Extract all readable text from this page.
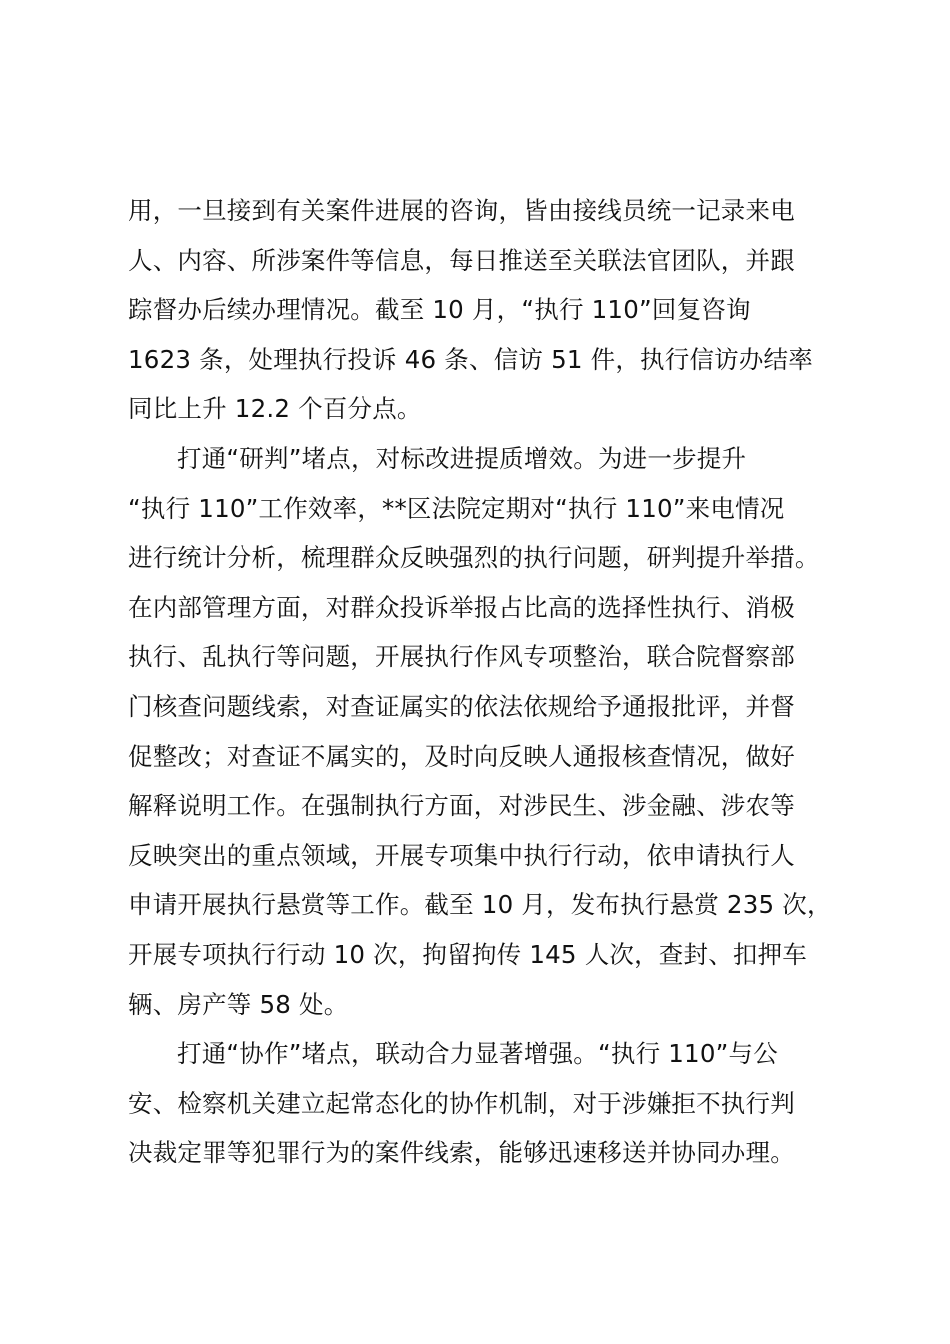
用，一旦接到有关案件进展的咨询，皆由接线员统一记录来电
人、内容、所涉案件等信息，每日推送至关联法官团队，并跟
踪督办后续办理情况。截至 10 月，“执行 110”回复咨询
1623 条，处理执行投诉 46 条、信访 51 件，执行信访办结率
同比上升 12.2 个百分点。
打通“研判”堵点，对标改进提质增效。为进一步提升
“执行 110”工作效率，**区法院定期对“执行 110”来电情况
进行统计分析，梳理群众反映强烈的执行问题，研判提升举措。
在内部管理方面，对群众投诉举报占比高的选择性执行、消极
执行、乱执行等问题，开展执行作风专项整治，联合院督察部
门核查问题线索，对查证属实的依法依规给予通报批评，并督
促整改；对查证不属实的，及时向反映人通报核查情况，做好
解释说明工作。在强制执行方面，对涉民生、涉金融、涉农等
反映突出的重点领域，开展专项集中执行行动，依申请执行人
申请开展执行悬赏等工作。截至 10 月，发布执行悬赏 235 次，
开展专项执行行动 10 次，拘留拘传 145 人次，查封、扣押车
辆、房产等 58 处。
打通“协作”堵点，联动合力显著增强。“执行 110”与公
安、检察机关建立起常态化的协作机制，对于涉嫌拒不执行判
决裁定罪等犯罪行为的案件线索，能够迅速移送并协同办理。
